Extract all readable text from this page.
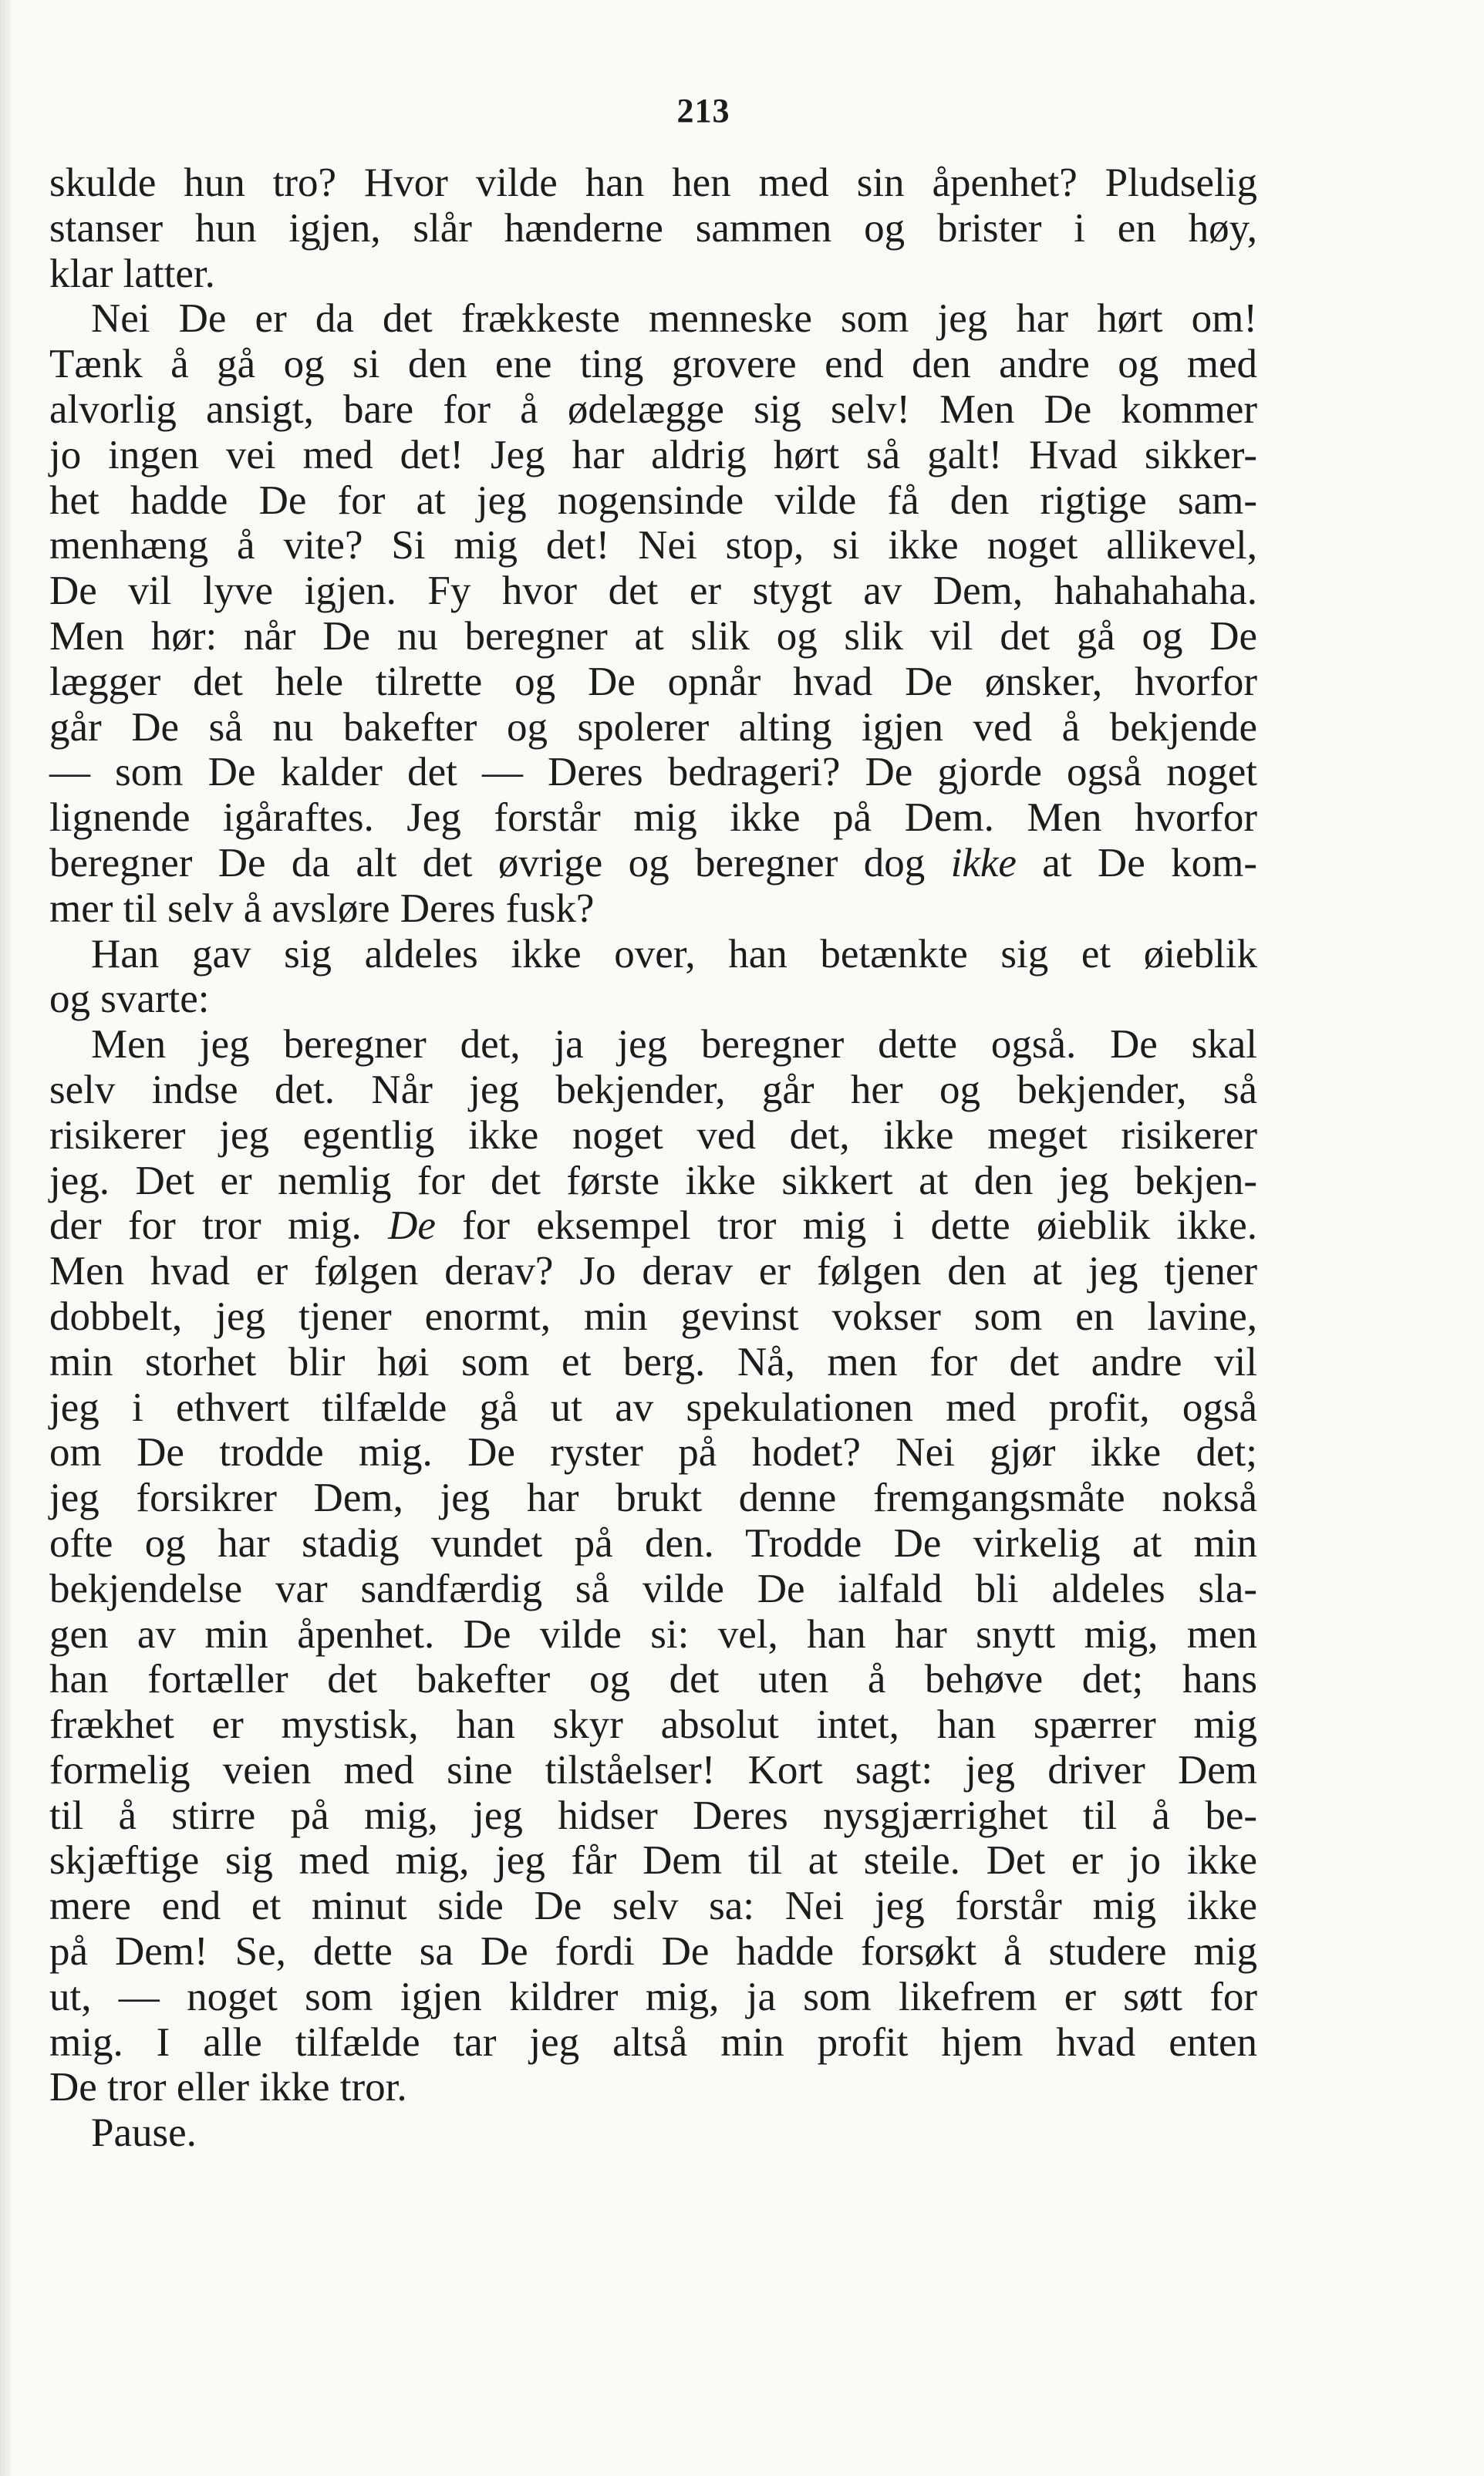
213
skulde hun tro? Hvor vilde han hen med sin åpenhet? Pludselig
stanser hun igjen, slår hænderne sammen og brister i en høy,
klar latter.
Nei De er da det frækkeste menneske som jeg har hørt om!
Tænk å gå og si den ene ting grovere end den andre og med
alvorlig ansigt, bare for å ødelægge sig selv! Men De kommer
jo ingen vei med det! Jeg har aldrig hørt så galt! Hvad sikker-
het hadde De for at jeg nogensinde vilde få den rigtige sam-
menhæng å vite? Si mig det! Nei stop, si ikke noget allikevel,
De vil lyve igjen. Fy hvor det er stygt av Dem, hahahahaha.
Men hør: når De nu beregner at slik og slik vil det gå og De
lægger det hele tilrette og De opnår hvad De ønsker, hvorfor
går De så nu bakefter og spolerer alting igjen ved å bekjende
— som De kalder det — Deres bedrageri? De gjorde også noget
lignende igåraftes. Jeg forstår mig ikke på Dem. Men hvorfor
beregner De da alt det øvrige og beregner dog ikke at De kom-
mer til selv å avsløre Deres fusk?
Han gav sig aldeles ikke over, han betænkte sig et øieblik
og svarte:
Men jeg beregner det, ja jeg beregner dette også. De skal
selv indse det. Når jeg bekjender, går her og bekjender, så
risikerer jeg egentlig ikke noget ved det, ikke meget risikerer
jeg. Det er nemlig for det første ikke sikkert at den jeg bekjen-
der for tror mig. De for eksempel tror mig i dette øieblik ikke.
Men hvad er følgen derav? Jo derav er følgen den at jeg tjener
dobbelt, jeg tjener enormt, min gevinst vokser som en lavine,
min storhet blir høi som et berg. Nå, men for det andre vil
jeg i ethvert tilfælde gå ut av spekulationen med profit, også
om De trodde mig. De ryster på hodet? Nei gjør ikke det;
jeg forsikrer Dem, jeg har brukt denne fremgangsmåte nokså
ofte og har stadig vundet på den. Trodde De virkelig at min
bekjendelse var sandfærdig så vilde De ialfald bli aldeles sla-
gen av min åpenhet. De vilde si: vel, han har snytt mig, men
han fortæller det bakefter og det uten å behøve det; hans
frækhet er mystisk, han skyr absolut intet, han spærrer mig
formelig veien med sine tilståelser! Kort sagt: jeg driver Dem
til å stirre på mig, jeg hidser Deres nysgjærrighet til å be-
skjæftige sig med mig, jeg får Dem til at steile. Det er jo ikke
mere end et minut side De selv sa: Nei jeg forstår mig ikke
på Dem! Se, dette sa De fordi De hadde forsøkt å studere mig
ut, — noget som igjen kildrer mig, ja som likefrem er søtt for
mig. I alle tilfælde tar jeg altså min profit hjem hvad enten
De tror eller ikke tror.
Pause.
